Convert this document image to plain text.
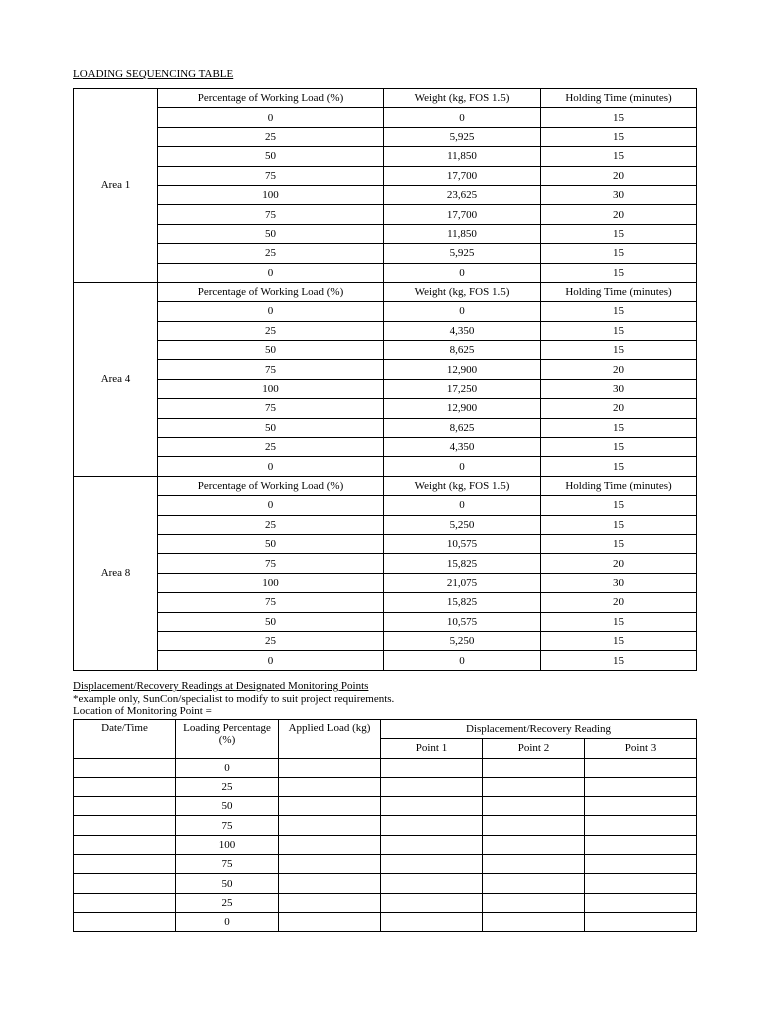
LOADING SEQUENCING TABLE
Area 1	Percentage of Working Load (%)	Weight (kg, FOS 1.5)	Holding Time (minutes)
	0	0	15
	25	5,925	15
	50	11,850	15
	75	17,700	20
	100	23,625	30
	75	17,700	20
	50	11,850	15
	25	5,925	15
	0	0	15
Area 4	Percentage of Working Load (%)	Weight (kg, FOS 1.5)	Holding Time (minutes)
	0	0	15
	25	4,350	15
	50	8,625	15
	75	12,900	20
	100	17,250	30
	75	12,900	20
	50	8,625	15
	25	4,350	15
	0	0	15
Area 8	Percentage of Working Load (%)	Weight (kg, FOS 1.5)	Holding Time (minutes)
	0	0	15
	25	5,250	15
	50	10,575	15
	75	15,825	20
	100	21,075	30
	75	15,825	20
	50	10,575	15
	25	5,250	15
	0	0	15
Displacement/Recovery Readings at Designated Monitoring Points
*example only, SunCon/specialist to modify to suit project requirements.
Location of Monitoring Point =
Date/Time	Loading Percentage (%)	Applied Load (kg)	Displacement/Recovery Reading		
			Point 1	Point 2	Point 3
	0				
	25				
	50				
	75				
	100				
	75				
	50				
	25				
	0				
